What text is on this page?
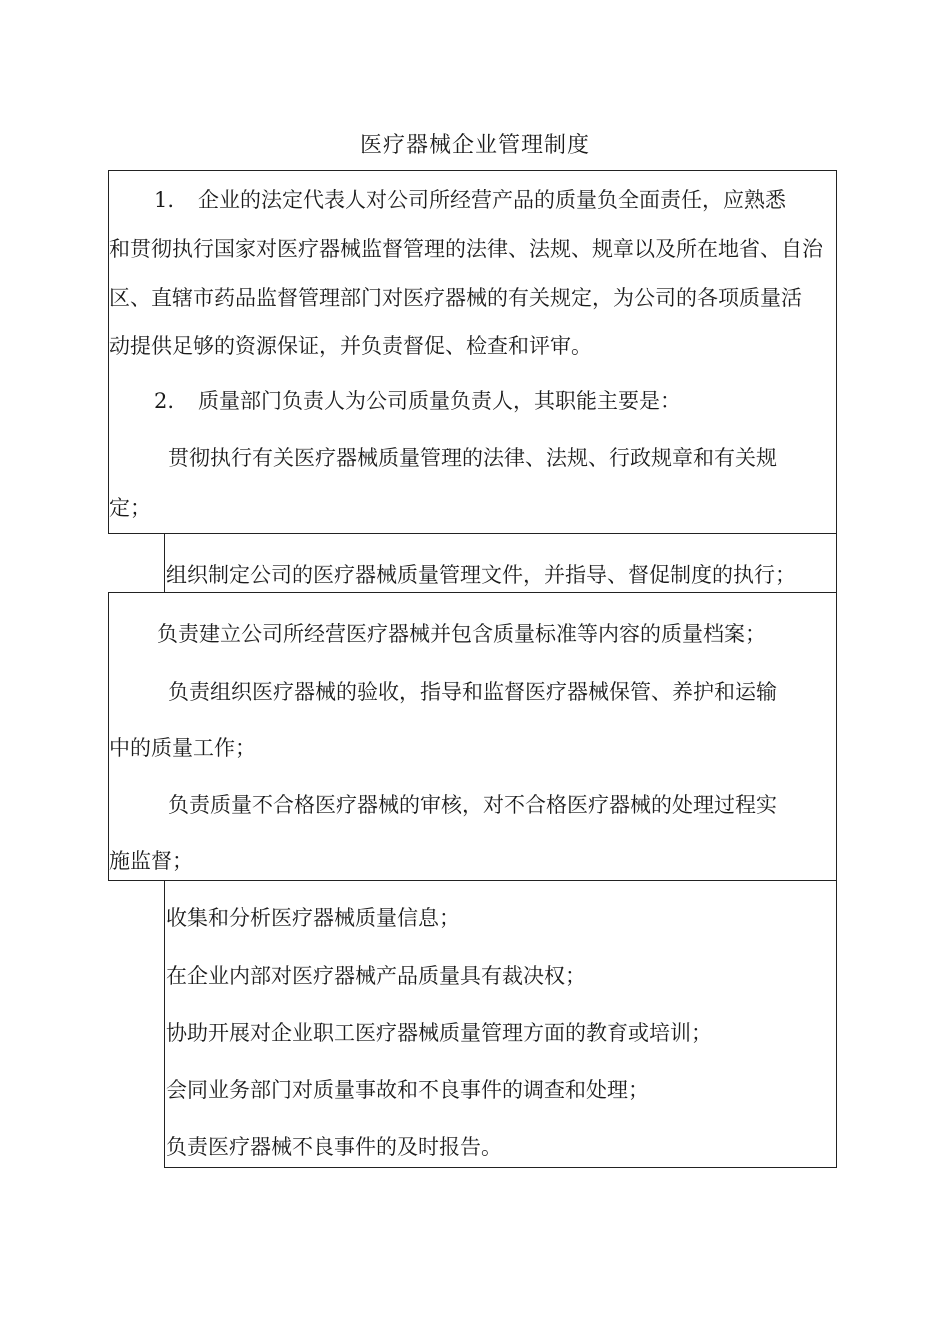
医疗器械企业管理制度
1. 企业的法定代表人对公司所经营产品的质量负全面责任，应熟悉
和贯彻执行国家对医疗器械监督管理的法律、法规、规章以及所在地省、自治
区、直辖市药品监督管理部门对医疗器械的有关规定，为公司的各项质量活
动提供足够的资源保证，并负责督促、检查和评审。
2. 质量部门负责人为公司质量负责人，其职能主要是：
贯彻执行有关医疗器械质量管理的法律、法规、行政规章和有关规
定；
组织制定公司的医疗器械质量管理文件，并指导、督促制度的执行；
负责建立公司所经营医疗器械并包含质量标准等内容的质量档案；
负责组织医疗器械的验收，指导和监督医疗器械保管、养护和运输
中的质量工作；
负责质量不合格医疗器械的审核，对不合格医疗器械的处理过程实
施监督；
收集和分析医疗器械质量信息；
在企业内部对医疗器械产品质量具有裁决权；
协助开展对企业职工医疗器械质量管理方面的教育或培训；
会同业务部门对质量事故和不良事件的调查和处理；
负责医疗器械不良事件的及时报告。
